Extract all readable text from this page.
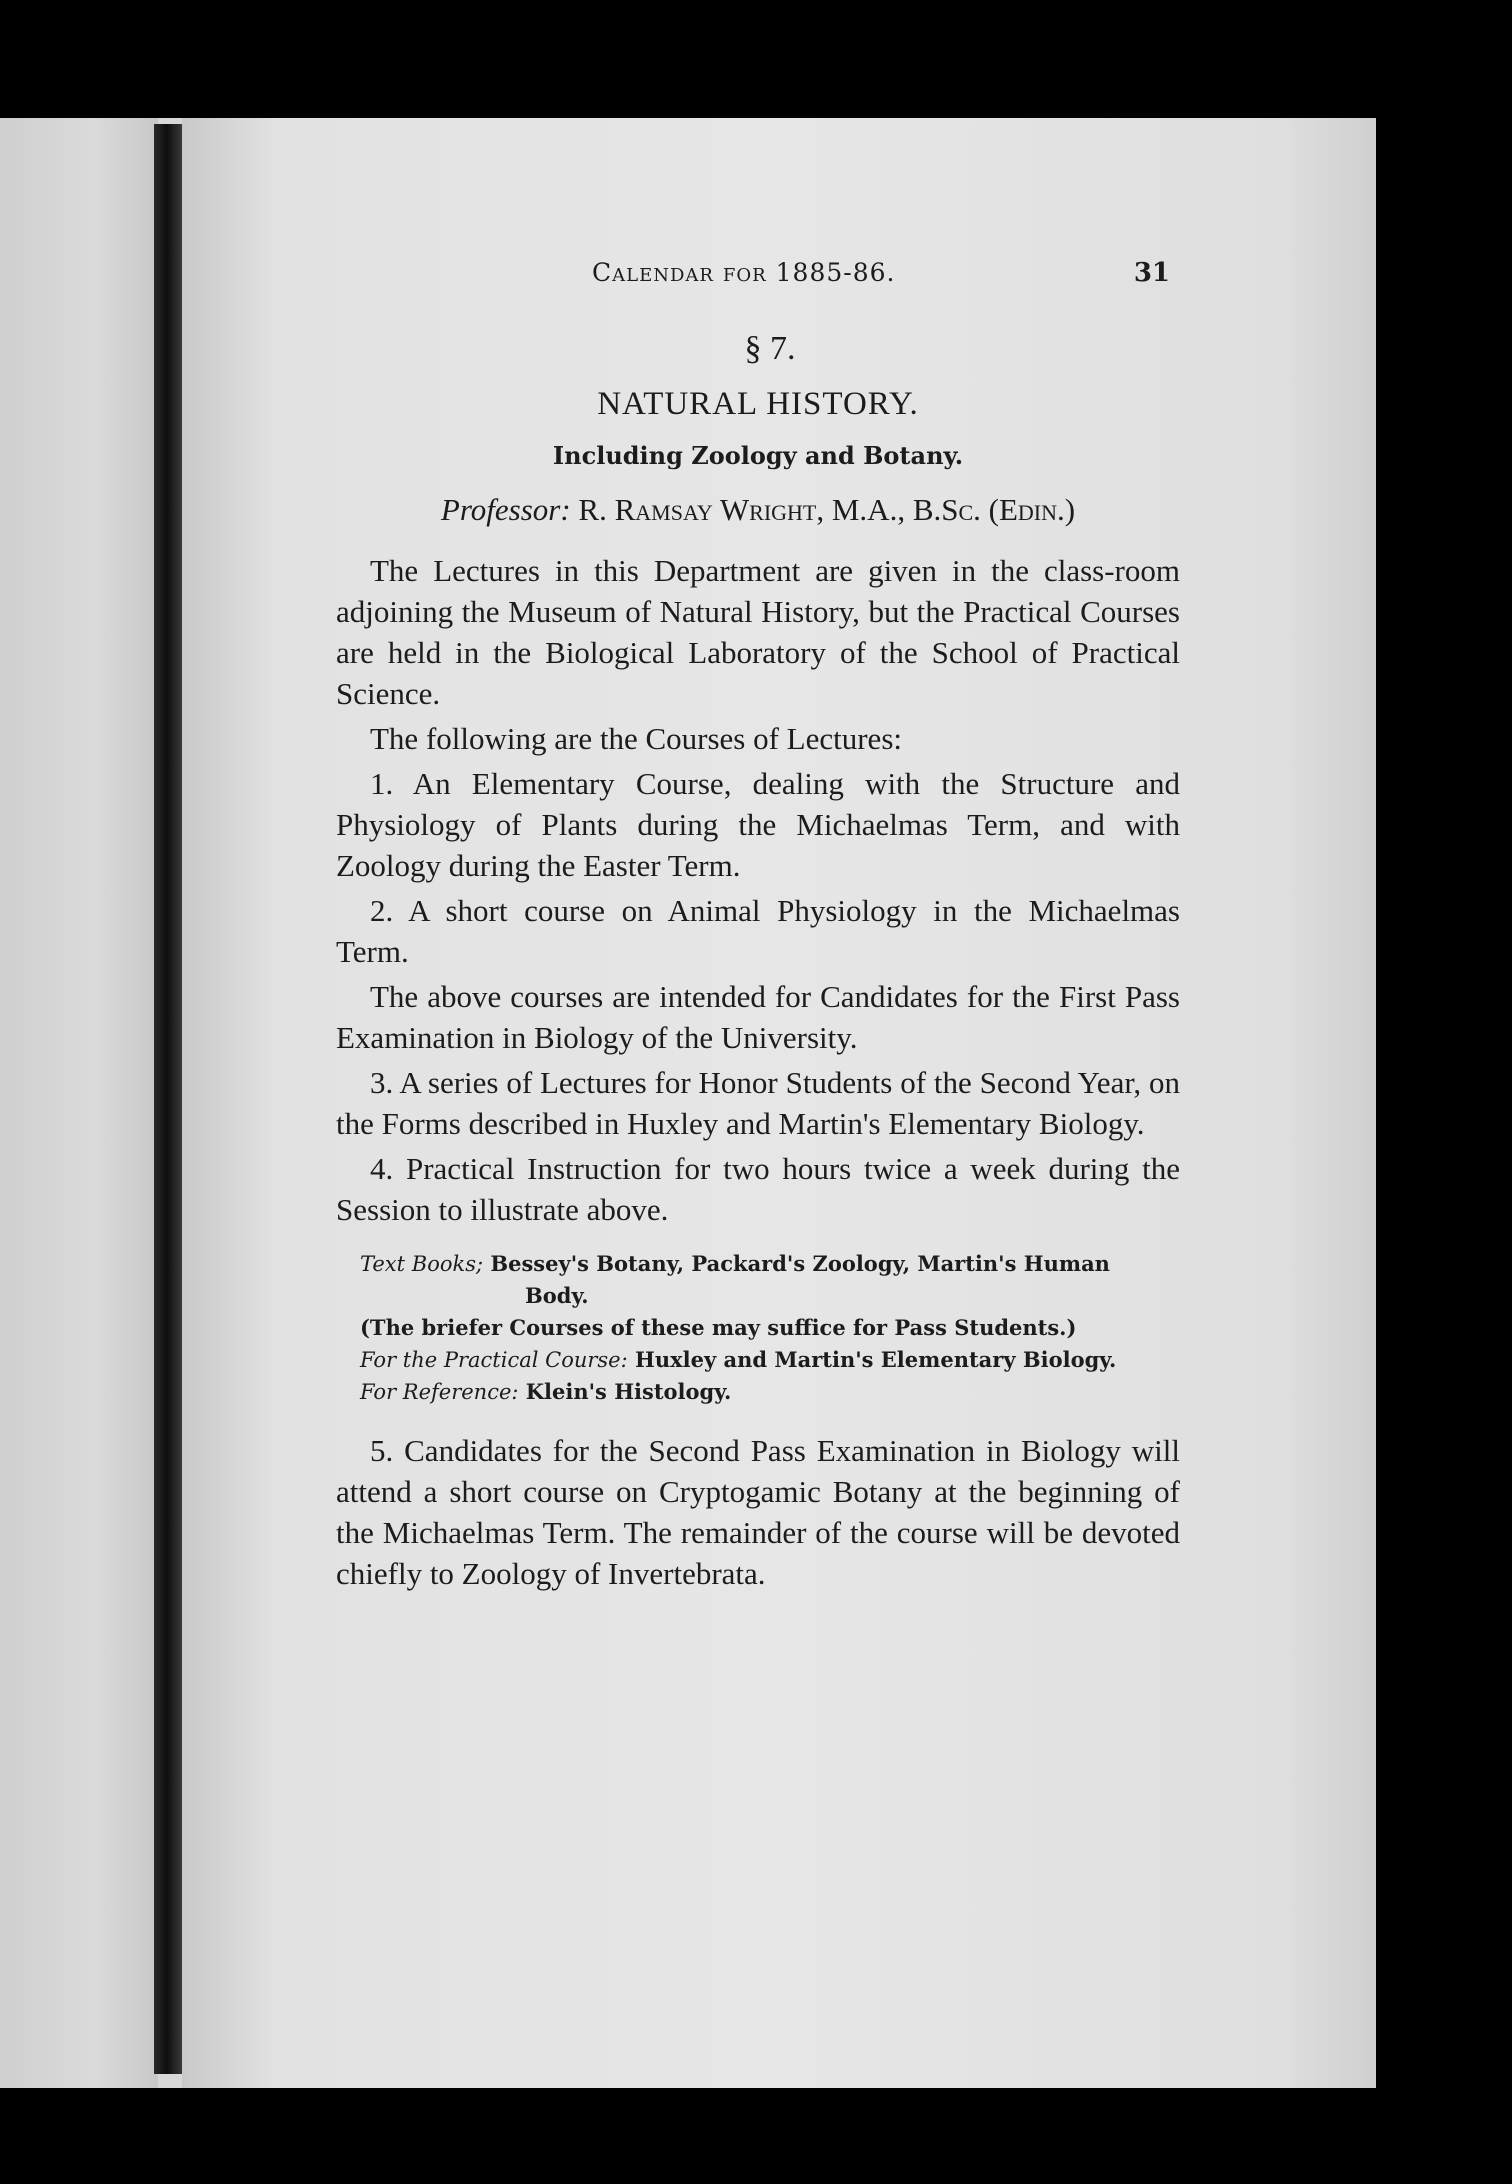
Calendar for 1885-86.	31
§ 7.
NATURAL HISTORY.
Including Zoology and Botany.
Professor: R. Ramsay Wright, M.A., B.Sc. (Edin.)

The Lectures in this Department are given in the class-room adjoining the Museum of Natural History, but the Practical Courses are held in the Biological Laboratory of the School of Practical Science.

The following are the Courses of Lectures:

1. An Elementary Course, dealing with the Structure and Physiology of Plants during the Michaelmas Term, and with Zoology during the Easter Term.

2. A short course on Animal Physiology in the Michaelmas Term.

The above courses are intended for Candidates for the First Pass Examination in Biology of the University.

3. A series of Lectures for Honor Students of the Second Year, on the Forms described in Huxley and Martin's Elementary Biology.

4. Practical Instruction for two hours twice a week during the Session to illustrate above.

Text Books; Bessey's Botany, Packard's Zoology, Martin's Human
Body.
(The briefer Courses of these may suffice for Pass Students.)
For the Practical Course: Huxley and Martin's Elementary Biology.
For Reference: Klein's Histology.

5. Candidates for the Second Pass Examination in Biology will attend a short course on Cryptogamic Botany at the beginning of the Michaelmas Term. The remainder of the course will be devoted chiefly to Zoology of Invertebrata.
